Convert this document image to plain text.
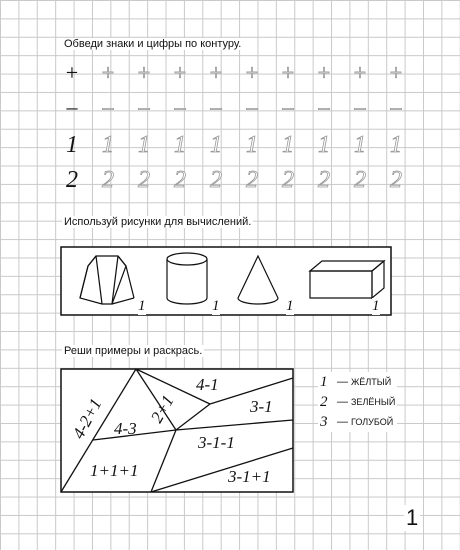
Обведи знаки и цифры по контуру.
+	+	+	+	+	+	+	+	+	+
–	–	–	–	–	–	–	–	–	–
1	1	1	1	1	1	1	1	1	1
2	2	2	2	2	2	2	2	2	2
Используй рисунки для вычислений.
1	1	1	1
Реши примеры и раскрась.
4-2+1 4-3
4-1
2+1	3-1
3-1-1
1+1+1	3-1+1
1 — ЖЁЛТЫЙ
2 — ЗЕЛЁНЫЙ
3 — ГОЛУБОЙ
1
